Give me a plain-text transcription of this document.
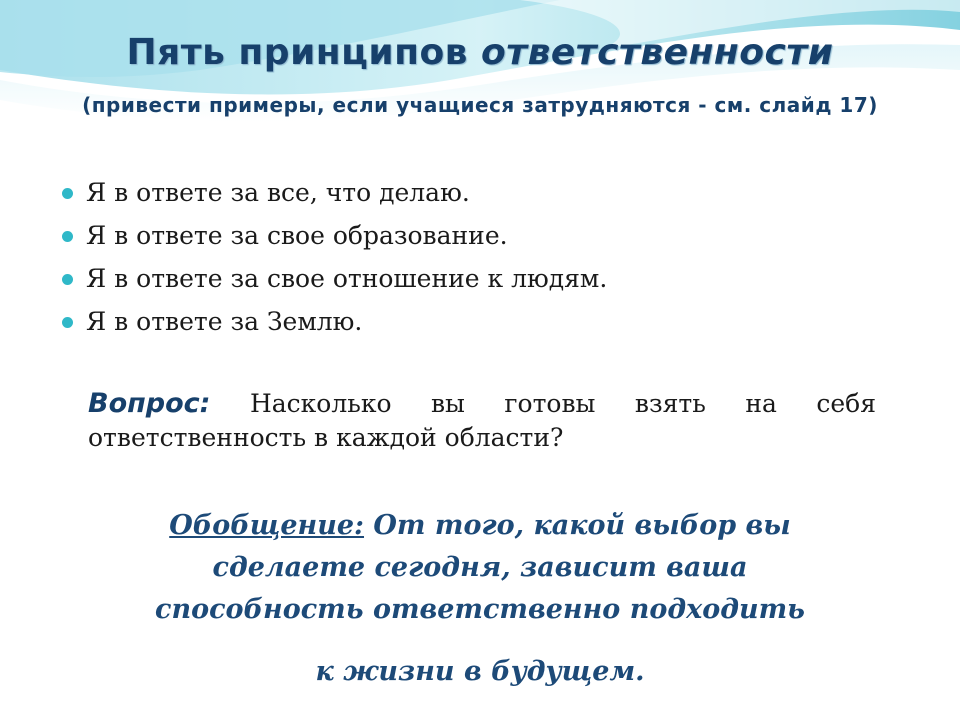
Пять принципов ответственности

(привести примеры, если учащиеся затрудняются - см. слайд 17)

Я в ответе за все, что делаю.
Я в ответе за свое образование.
Я в ответе за свое отношение к людям.
Я в ответе за Землю.

Вопрос: Насколько вы готовы взять на себя ответственность в каждой области?

Обобщение: От того, какой выбор вы
сделаете сегодня, зависит ваша
способность ответственно подходить
к жизни в будущем.
